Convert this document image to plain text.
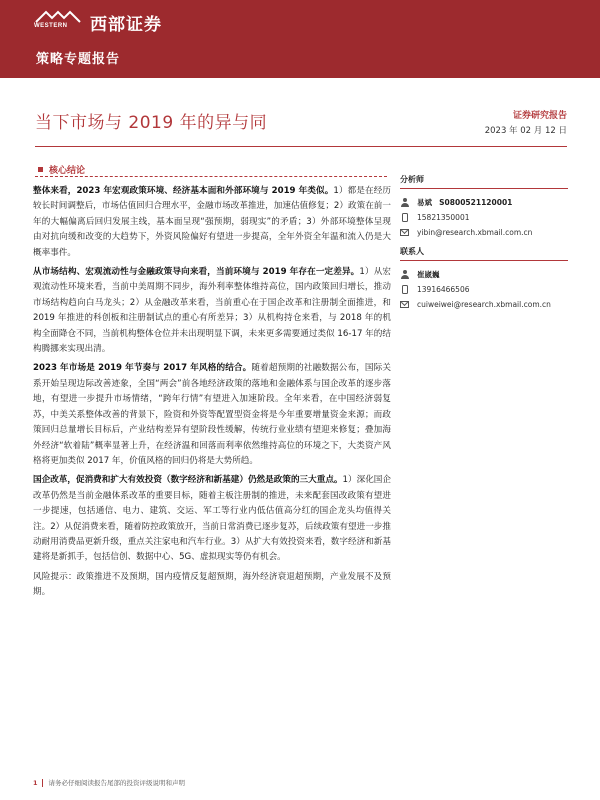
WESTERN 西部证券
策略专题报告
当下市场与 2019 年的异与同	证券研究报告
2023 年 02 月 12 日
核心结论

整体来看，2023 年宏观政策环境、经济基本面和外部环境与 2019 年类似。1）都是在经历较长时间调整后，市场估值回归合理水平，金融市场改革推进，加速估值修复；2）政策在前一年的大幅偏离后回归发展主线，基本面呈现“强预期，弱现实”的矛盾；3）外部环境整体呈现由对抗向缓和改变的大趋势下，外资风险偏好有望进一步提高，全年外资全年温和流入仍是大概率事件。

从市场结构、宏观流动性与金融政策导向来看，当前环境与 2019 年存在一定差异。1）从宏观流动性环境来看，当前中美周期不同步，海外利率整体维持高位，国内政策回归增长，推动市场结构趋向白马龙头；2）从金融改革来看，当前重心在于国企改革和注册制全面推进，和 2019 年推进的科创板和注册制试点的重心有所差异；3）从机构持仓来看，与 2018 年的机构全面降仓不同，当前机构整体仓位并未出现明显下调，未来更多需要通过类似 16-17 年的结构腾挪来实现出清。

2023 年市场是 2019 年节奏与 2017 年风格的结合。随着超预期的社融数据公布，国际关系开始呈现边际改善迹象，全国“两会”前各地经济政策的落地和金融体系与国企改革的逐步落地，有望进一步提升市场情绪，“跨年行情”有望进入加速阶段。全年来看，在中国经济弱复苏，中美关系整体改善的背景下，险资和外资等配置型资金将是今年重要增量资金来源；而政策回归总量增长目标后，产业结构差异有望阶段性缓解，传统行业业绩有望迎来修复；叠加海外经济“软着陆”概率显著上升，在经济温和回落而利率依然维持高位的环境之下，大类资产风格将更加类似 2017 年，价值风格的回归仍将是大势所趋。

国企改革，促消费和扩大有效投资（数字经济和新基建）仍然是政策的三大重点。1）深化国企改革仍然是当前金融体系改革的重要目标，随着主板注册制的推进，未来配套国改政策有望进一步提速，包括通信、电力、建筑、交运、军工等行业内低估值高分红的国企龙头均值得关注。2）从促消费来看，随着防控政策放开，当前日常消费已逐步复苏，后续政策有望进一步推动耐用消费品更新升级，重点关注家电和汽车行业。3）从扩大有效投资来看，数字经济和新基建将是新抓手，包括信创、数据中心、5G、虚拟现实等仍有机会。

风险提示：政策推进不及预期，国内疫情反复超预期，海外经济衰退超预期，产业发展不及预期。

分析师
易斌 S0800521120001
15821350001
yibin@research.xbmail.com.cn
联系人
崔崴巍
13916466506
cuiweiwei@research.xbmail.com.cn
1 请务必仔细阅读报告尾部的投资评级说明和声明
